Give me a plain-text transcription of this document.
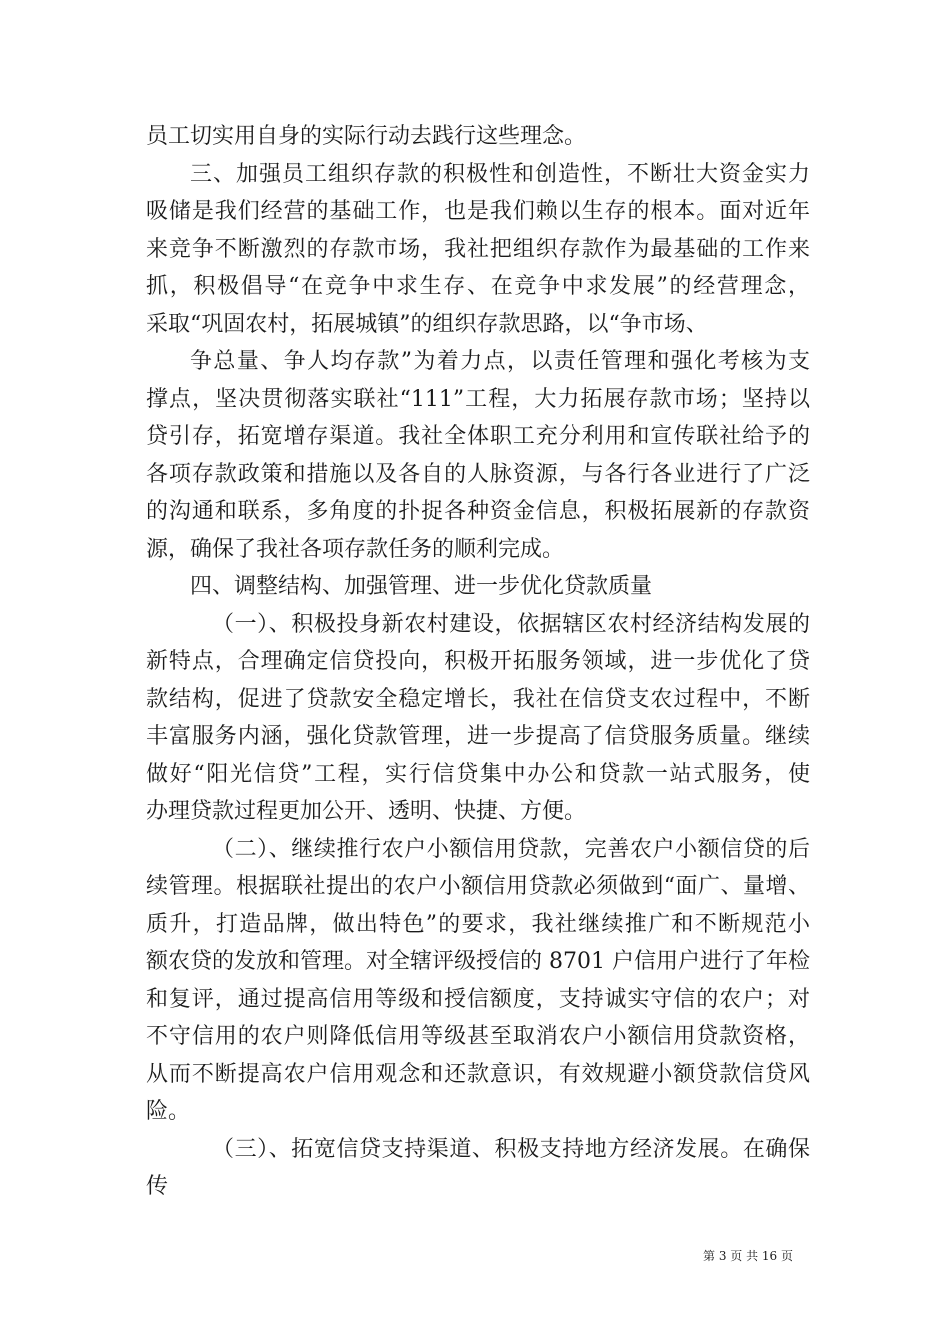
员工切实用自身的实际行动去践行这些理念。
三、加强员工组织存款的积极性和创造性，不断壮大资金实力
吸储是我们经营的基础工作，也是我们赖以生存的根本。面对近年
来竞争不断激烈的存款市场，我社把组织存款作为最基础的工作来
抓，积极倡导“在竞争中求生存、在竞争中求发展”的经营理念，
采取“巩固农村，拓展城镇”的组织存款思路，以“争市场、
争总量、争人均存款”为着力点，以责任管理和强化考核为支
撑点，坚决贯彻落实联社“111”工程，大力拓展存款市场；坚持以
贷引存，拓宽增存渠道。我社全体职工充分利用和宣传联社给予的
各项存款政策和措施以及各自的人脉资源，与各行各业进行了广泛
的沟通和联系，多角度的扑捉各种资金信息，积极拓展新的存款资
源，确保了我社各项存款任务的顺利完成。
四、调整结构、加强管理、进一步优化贷款质量
（一）、积极投身新农村建设，依据辖区农村经济结构发展的
新特点，合理确定信贷投向，积极开拓服务领域，进一步优化了贷
款结构，促进了贷款安全稳定增长，我社在信贷支农过程中，不断
丰富服务内涵，强化贷款管理，进一步提高了信贷服务质量。继续
做好“阳光信贷”工程，实行信贷集中办公和贷款一站式服务，使
办理贷款过程更加公开、透明、快捷、方便。
（二）、继续推行农户小额信用贷款，完善农户小额信贷的后
续管理。根据联社提出的农户小额信用贷款必须做到“面广、量增、
质升，打造品牌，做出特色”的要求，我社继续推广和不断规范小
额农贷的发放和管理。对全辖评级授信的 8701 户信用户进行了年检
和复评，通过提高信用等级和授信额度，支持诚实守信的农户；对
不守信用的农户则降低信用等级甚至取消农户小额信用贷款资格，
从而不断提高农户信用观念和还款意识，有效规避小额贷款信贷风
险。
（三）、拓宽信贷支持渠道、积极支持地方经济发展。在确保
传
第 3 页 共 16 页
